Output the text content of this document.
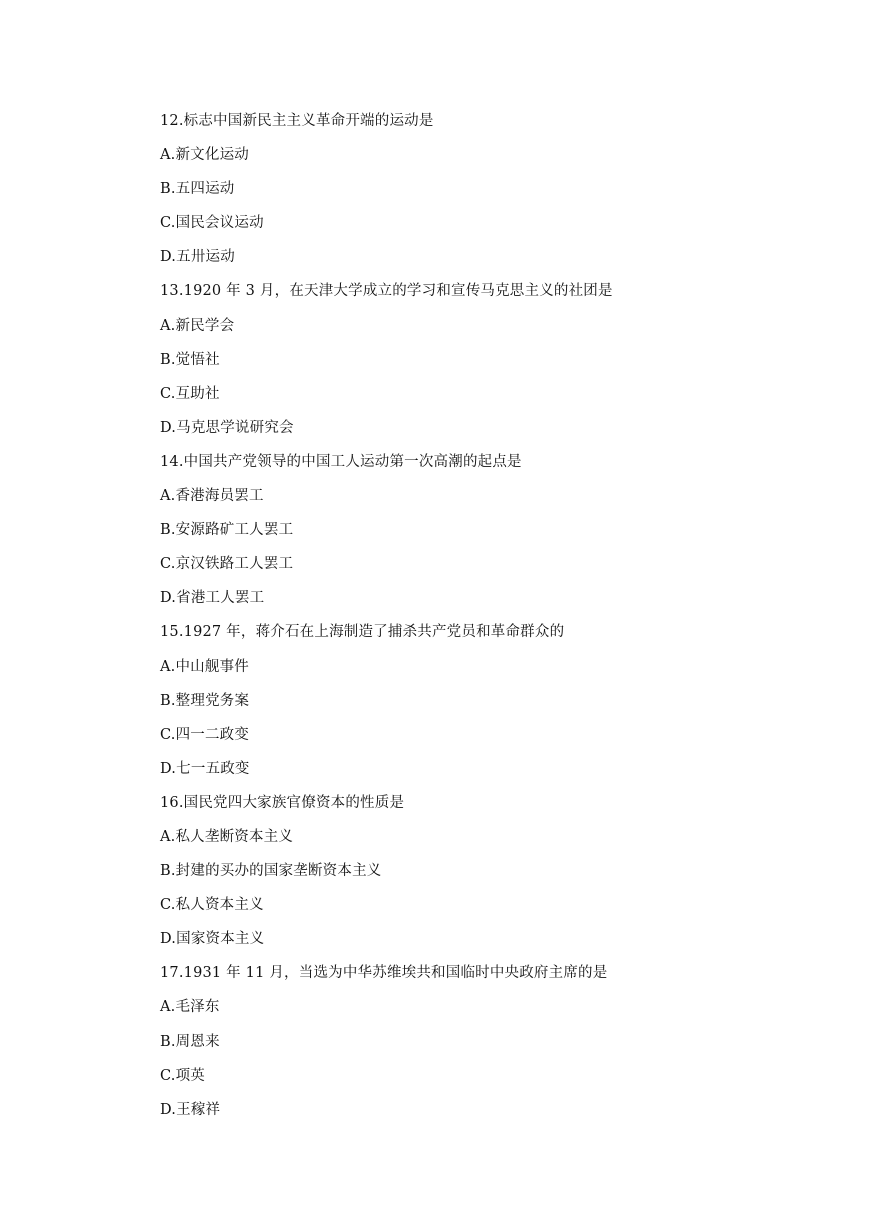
12.标志中国新民主主义革命开端的运动是
A.新文化运动
B.五四运动
C.国民会议运动
D.五卅运动
13.1920 年 3 月，在天津大学成立的学习和宣传马克思主义的社团是
A.新民学会
B.觉悟社
C.互助社
D.马克思学说研究会
14.中国共产党领导的中国工人运动第一次高潮的起点是
A.香港海员罢工
B.安源路矿工人罢工
C.京汉铁路工人罢工
D.省港工人罢工
15.1927 年，蒋介石在上海制造了捕杀共产党员和革命群众的
A.中山舰事件
B.整理党务案
C.四一二政变
D.七一五政变
16.国民党四大家族官僚资本的性质是
A.私人垄断资本主义
B.封建的买办的国家垄断资本主义
C.私人资本主义
D.国家资本主义
17.1931 年 11 月，当选为中华苏维埃共和国临时中央政府主席的是
A.毛泽东
B.周恩来
C.项英
D.王稼祥
